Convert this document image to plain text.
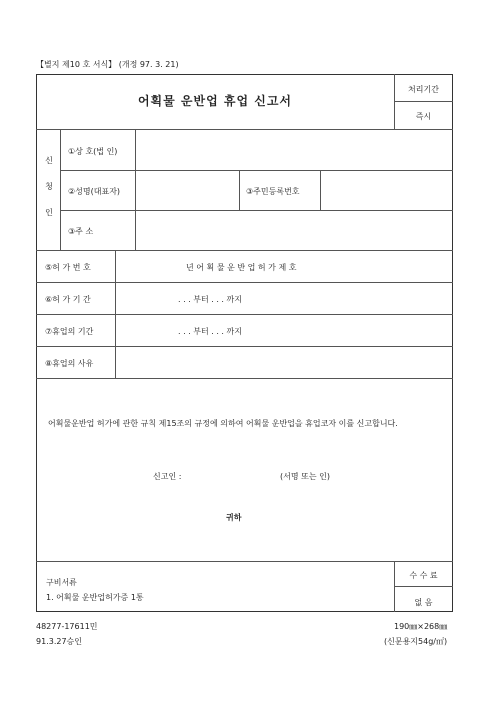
【별지 제10 호 서식】 (개정 97. 3. 21)
어획물 운반업 휴업 신고서
처리기간
즉시
신
청
인
①상 호(법 인)
②성명(대표자)	③주민등록번호
③주 소
⑤허 가 번 호	년 어 획 물 운 반 업 허 가 제 호
⑥허 가 기 간	. . . 부터 . . . 까지
⑦휴업의 기간	. . . 부터 . . . 까지
⑧휴업의 사유
어획물운반업 허가에 관한 규칙 제15조의 규정에 의하여 어획물 운반업을 휴업코자 이를 신고합니다.
신고인 :	(서명 또는 인)
귀하
구비서류
1. 어획물 운반업허가증 1통
수 수 료
없 음
48277-17611민
91.3.27승인
190㎜×268㎜
(신문용지54g/㎡)
